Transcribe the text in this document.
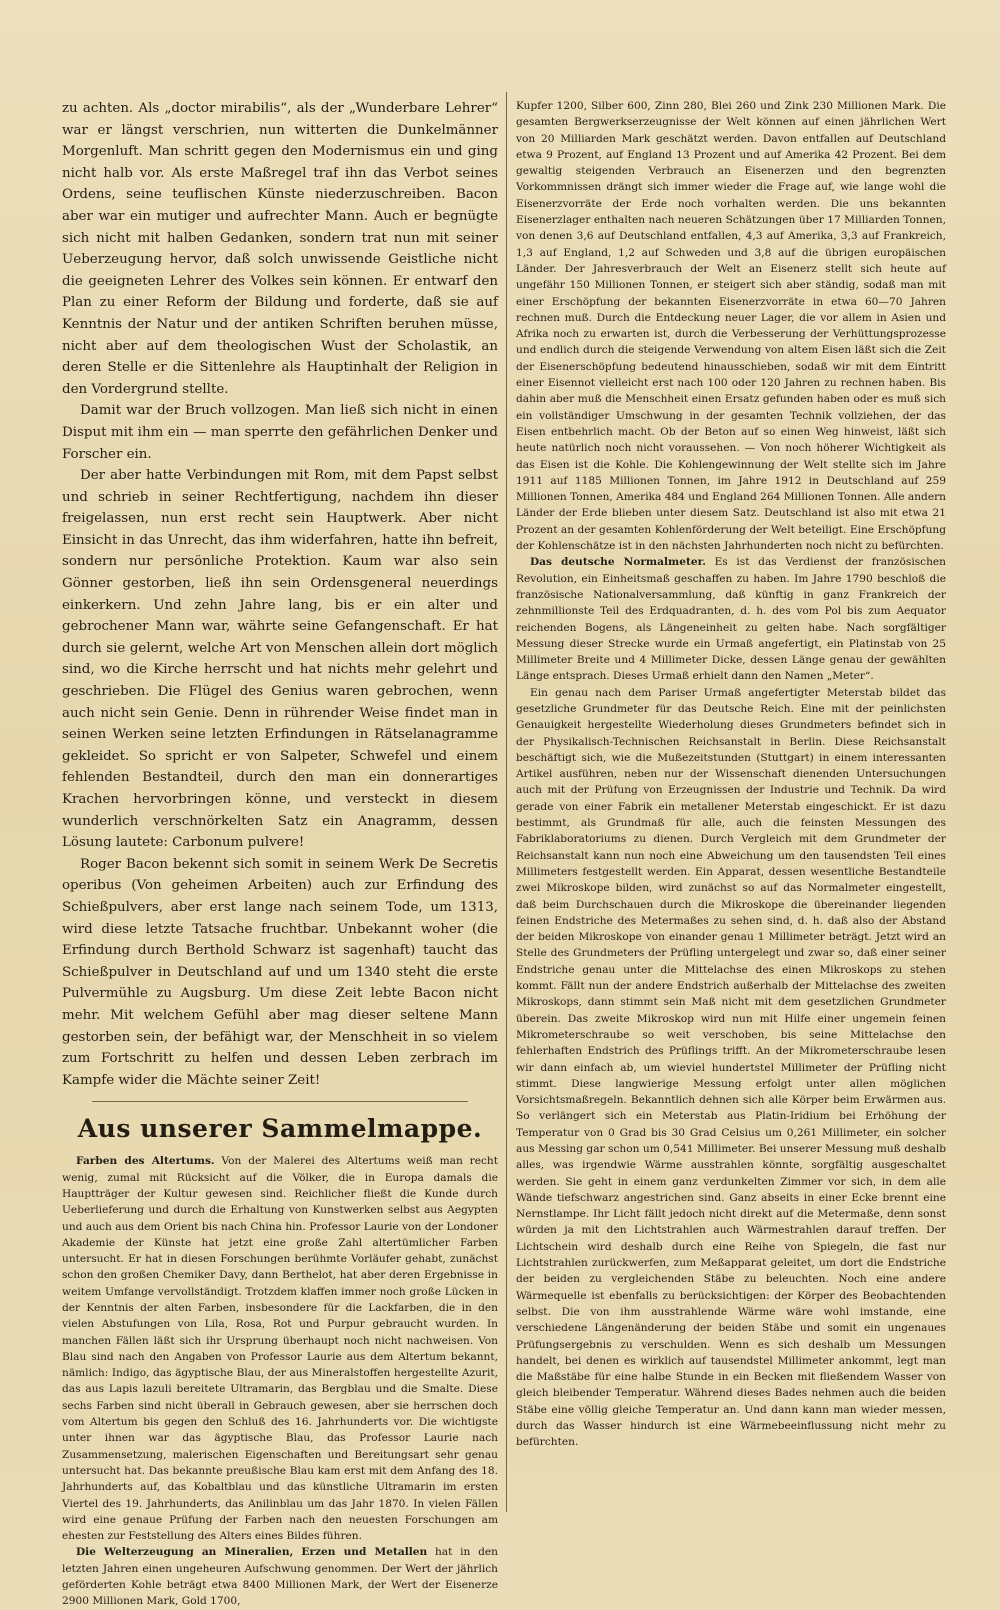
zu achten. Als „doctor mirabilis“, als der „Wunderbare Lehrer“ war er längst verschrien, nun witterten die Dunkelmänner Morgenluft. Man schritt gegen den Modernismus ein und ging nicht halb vor. Als erste Maßregel traf ihn das Verbot seines Ordens, seine teuflischen Künste niederzuschreiben. Bacon aber war ein mutiger und aufrechter Mann. Auch er begnügte sich nicht mit halben Gedanken, sondern trat nun mit seiner Ueberzeugung hervor, daß solch unwissende Geistliche nicht die geeigneten Lehrer des Volkes sein können. Er entwarf den Plan zu einer Reform der Bildung und forderte, daß sie auf Kenntnis der Natur und der antiken Schriften beruhen müsse, nicht aber auf dem theologischen Wust der Scholastik, an deren Stelle er die Sittenlehre als Hauptinhalt der Religion in den Vordergrund stellte.

Damit war der Bruch vollzogen. Man ließ sich nicht in einen Disput mit ihm ein — man sperrte den gefährlichen Denker und Forscher ein.

Der aber hatte Verbindungen mit Rom, mit dem Papst selbst und schrieb in seiner Rechtfertigung, nachdem ihn dieser freigelassen, nun erst recht sein Hauptwerk. Aber nicht Einsicht in das Unrecht, das ihm widerfahren, hatte ihn befreit, sondern nur persönliche Protektion. Kaum war also sein Gönner gestorben, ließ ihn sein Ordensgeneral neuerdings einkerkern. Und zehn Jahre lang, bis er ein alter und gebrochener Mann war, währte seine Gefangenschaft. Er hat durch sie gelernt, welche Art von Menschen allein dort möglich sind, wo die Kirche herrscht und hat nichts mehr gelehrt und geschrieben. Die Flügel des Genius waren gebrochen, wenn auch nicht sein Genie. Denn in rührender Weise findet man in seinen Werken seine letzten Erfindungen in Rätselanagramme gekleidet. So spricht er von Salpeter, Schwefel und einem fehlenden Bestandteil, durch den man ein donnerartiges Krachen hervorbringen könne, und versteckt in diesem wunderlich verschnörkelten Satz ein Anagramm, dessen Lösung lautete: Carbonum pulvere!

Roger Bacon bekennt sich somit in seinem Werk De Secretis operibus (Von geheimen Arbeiten) auch zur Erfindung des Schießpulvers, aber erst lange nach seinem Tode, um 1313, wird diese letzte Tatsache fruchtbar. Unbekannt woher (die Erfindung durch Berthold Schwarz ist sagenhaft) taucht das Schießpulver in Deutschland auf und um 1340 steht die erste Pulvermühle zu Augsburg. Um diese Zeit lebte Bacon nicht mehr. Mit welchem Gefühl aber mag dieser seltene Mann gestorben sein, der befähigt war, der Menschheit in so vielem zum Fortschritt zu helfen und dessen Leben zerbrach im Kampfe wider die Mächte seiner Zeit!

Aus unserer Sammelmappe.

Farben des Altertums. Von der Malerei des Altertums weiß man recht wenig, zumal mit Rücksicht auf die Völker, die in Europa damals die Hauptträger der Kultur gewesen sind. Reichlicher fließt die Kunde durch Ueberlieferung und durch die Erhaltung von Kunstwerken selbst aus Aegypten und auch aus dem Orient bis nach China hin. Professor Laurie von der Londoner Akademie der Künste hat jetzt eine große Zahl altertümlicher Farben untersucht. Er hat in diesen Forschungen berühmte Vorläufer gehabt, zunächst schon den großen Chemiker Davy, dann Berthelot, hat aber deren Ergebnisse in weitem Umfange vervollständigt. Trotzdem klaffen immer noch große Lücken in der Kenntnis der alten Farben, insbesondere für die Lackfarben, die in den vielen Abstufungen von Lila, Rosa, Rot und Purpur gebraucht wurden. In manchen Fällen läßt sich ihr Ursprung überhaupt noch nicht nachweisen. Von Blau sind nach den Angaben von Professor Laurie aus dem Altertum bekannt, nämlich: Indigo, das ägyptische Blau, der aus Mineralstoffen hergestellte Azurit, das aus Lapis lazuli bereitete Ultramarin, das Bergblau und die Smalte. Diese sechs Farben sind nicht überall in Gebrauch gewesen, aber sie herrschen doch vom Altertum bis gegen den Schluß des 16. Jahrhunderts vor. Die wichtigste unter ihnen war das ägyptische Blau, das Professor Laurie nach Zusammensetzung, malerischen Eigenschaften und Bereitungsart sehr genau untersucht hat. Das bekannte preußische Blau kam erst mit dem Anfang des 18. Jahrhunderts auf, das Kobaltblau und das künstliche Ultramarin im ersten Viertel des 19. Jahrhunderts, das Anilinblau um das Jahr 1870. In vielen Fällen wird eine genaue Prüfung der Farben nach den neuesten Forschungen am ehesten zur Feststellung des Alters eines Bildes führen.

Die Welterzeugung an Mineralien, Erzen und Metallen hat in den letzten Jahren einen ungeheuren Aufschwung genommen. Der Wert der jährlich geförderten Kohle beträgt etwa 8400 Millionen Mark, der Wert der Eisenerze 2900 Millionen Mark, Gold 1700,

Kupfer 1200, Silber 600, Zinn 280, Blei 260 und Zink 230 Millionen Mark. Die gesamten Bergwerkserzeugnisse der Welt können auf einen jährlichen Wert von 20 Milliarden Mark geschätzt werden. Davon entfallen auf Deutschland etwa 9 Prozent, auf England 13 Prozent und auf Amerika 42 Prozent. Bei dem gewaltig steigenden Verbrauch an Eisenerzen und den begrenzten Vorkommnissen drängt sich immer wieder die Frage auf, wie lange wohl die Eisenerzvorräte der Erde noch vorhalten werden. Die uns bekannten Eisenerzlager enthalten nach neueren Schätzungen über 17 Milliarden Tonnen, von denen 3,6 auf Deutschland entfallen, 4,3 auf Amerika, 3,3 auf Frankreich, 1,3 auf England, 1,2 auf Schweden und 3,8 auf die übrigen europäischen Länder. Der Jahresverbrauch der Welt an Eisenerz stellt sich heute auf ungefähr 150 Millionen Tonnen, er steigert sich aber ständig, sodaß man mit einer Erschöpfung der bekannten Eisenerzvorräte in etwa 60—70 Jahren rechnen muß. Durch die Entdeckung neuer Lager, die vor allem in Asien und Afrika noch zu erwarten ist, durch die Verbesserung der Verhüttungsprozesse und endlich durch die steigende Verwendung von altem Eisen läßt sich die Zeit der Eisenerschöpfung bedeutend hinausschieben, sodaß wir mit dem Eintritt einer Eisennot vielleicht erst nach 100 oder 120 Jahren zu rechnen haben. Bis dahin aber muß die Menschheit einen Ersatz gefunden haben oder es muß sich ein vollständiger Umschwung in der gesamten Technik vollziehen, der das Eisen entbehrlich macht. Ob der Beton auf so einen Weg hinweist, läßt sich heute natürlich noch nicht voraussehen. — Von noch höherer Wichtigkeit als das Eisen ist die Kohle. Die Kohlengewinnung der Welt stellte sich im Jahre 1911 auf 1185 Millionen Tonnen, im Jahre 1912 in Deutschland auf 259 Millionen Tonnen, Amerika 484 und England 264 Millionen Tonnen. Alle andern Länder der Erde blieben unter diesem Satz. Deutschland ist also mit etwa 21 Prozent an der gesamten Kohlenförderung der Welt beteiligt. Eine Erschöpfung der Kohlenschätze ist in den nächsten Jahrhunderten noch nicht zu befürchten.

Das deutsche Normalmeter. Es ist das Verdienst der französischen Revolution, ein Einheitsmaß geschaffen zu haben. Im Jahre 1790 beschloß die französische Nationalversammlung, daß künftig in ganz Frankreich der zehnmillionste Teil des Erdquadranten, d. h. des vom Pol bis zum Aequator reichenden Bogens, als Längeneinheit zu gelten habe. Nach sorgfältiger Messung dieser Strecke wurde ein Urmaß angefertigt, ein Platinstab von 25 Millimeter Breite und 4 Millimeter Dicke, dessen Länge genau der gewählten Länge entsprach. Dieses Urmaß erhielt dann den Namen „Meter“.

Ein genau nach dem Pariser Urmaß angefertigter Meterstab bildet das gesetzliche Grundmeter für das Deutsche Reich. Eine mit der peinlichsten Genauigkeit hergestellte Wiederholung dieses Grundmeters befindet sich in der Physikalisch-Technischen Reichsanstalt in Berlin. Diese Reichsanstalt beschäftigt sich, wie die Mußezeitstunden (Stuttgart) in einem interessanten Artikel ausführen, neben nur der Wissenschaft dienenden Untersuchungen auch mit der Prüfung von Erzeugnissen der Industrie und Technik. Da wird gerade von einer Fabrik ein metallener Meterstab eingeschickt. Er ist dazu bestimmt, als Grundmaß für alle, auch die feinsten Messungen des Fabriklaboratoriums zu dienen. Durch Vergleich mit dem Grundmeter der Reichsanstalt kann nun noch eine Abweichung um den tausendsten Teil eines Millimeters festgestellt werden. Ein Apparat, dessen wesentliche Bestandteile zwei Mikroskope bilden, wird zunächst so auf das Normalmeter eingestellt, daß beim Durchschauen durch die Mikroskope die übereinander liegenden feinen Endstriche des Metermaßes zu sehen sind, d. h. daß also der Abstand der beiden Mikroskope von einander genau 1 Millimeter beträgt. Jetzt wird an Stelle des Grundmeters der Prüfling untergelegt und zwar so, daß einer seiner Endstriche genau unter die Mittelachse des einen Mikroskops zu stehen kommt. Fällt nun der andere Endstrich außerhalb der Mittelachse des zweiten Mikroskops, dann stimmt sein Maß nicht mit dem gesetzlichen Grundmeter überein. Das zweite Mikroskop wird nun mit Hilfe einer ungemein feinen Mikrometerschraube so weit verschoben, bis seine Mittelachse den fehlerhaften Endstrich des Prüflings trifft. An der Mikrometerschraube lesen wir dann einfach ab, um wieviel hundertstel Millimeter der Prüfling nicht stimmt. Diese langwierige Messung erfolgt unter allen möglichen Vorsichtsmaßregeln. Bekanntlich dehnen sich alle Körper beim Erwärmen aus. So verlängert sich ein Meterstab aus Platin-Iridium bei Erhöhung der Temperatur von 0 Grad bis 30 Grad Celsius um 0,261 Millimeter, ein solcher aus Messing gar schon um 0,541 Millimeter. Bei unserer Messung muß deshalb alles, was irgendwie Wärme ausstrahlen könnte, sorgfältig ausgeschaltet werden. Sie geht in einem ganz verdunkelten Zimmer vor sich, in dem alle Wände tiefschwarz angestrichen sind. Ganz abseits in einer Ecke brennt eine Nernstlampe. Ihr Licht fällt jedoch nicht direkt auf die Metermaße, denn sonst würden ja mit den Lichtstrahlen auch Wärmestrahlen darauf treffen. Der Lichtschein wird deshalb durch eine Reihe von Spiegeln, die fast nur Lichtstrahlen zurückwerfen, zum Meßapparat geleitet, um dort die Endstriche der beiden zu vergleichenden Stäbe zu beleuchten. Noch eine andere Wärmequelle ist ebenfalls zu berücksichtigen: der Körper des Beobachtenden selbst. Die von ihm ausstrahlende Wärme wäre wohl imstande, eine verschiedene Längenänderung der beiden Stäbe und somit ein ungenaues Prüfungsergebnis zu verschulden. Wenn es sich deshalb um Messungen handelt, bei denen es wirklich auf tausendstel Millimeter ankommt, legt man die Maßstäbe für eine halbe Stunde in ein Becken mit fließendem Wasser von gleich bleibender Temperatur. Während dieses Bades nehmen auch die beiden Stäbe eine völlig gleiche Temperatur an. Und dann kann man wieder messen, durch das Wasser hindurch ist eine Wärmebeeinflussung nicht mehr zu befürchten.
